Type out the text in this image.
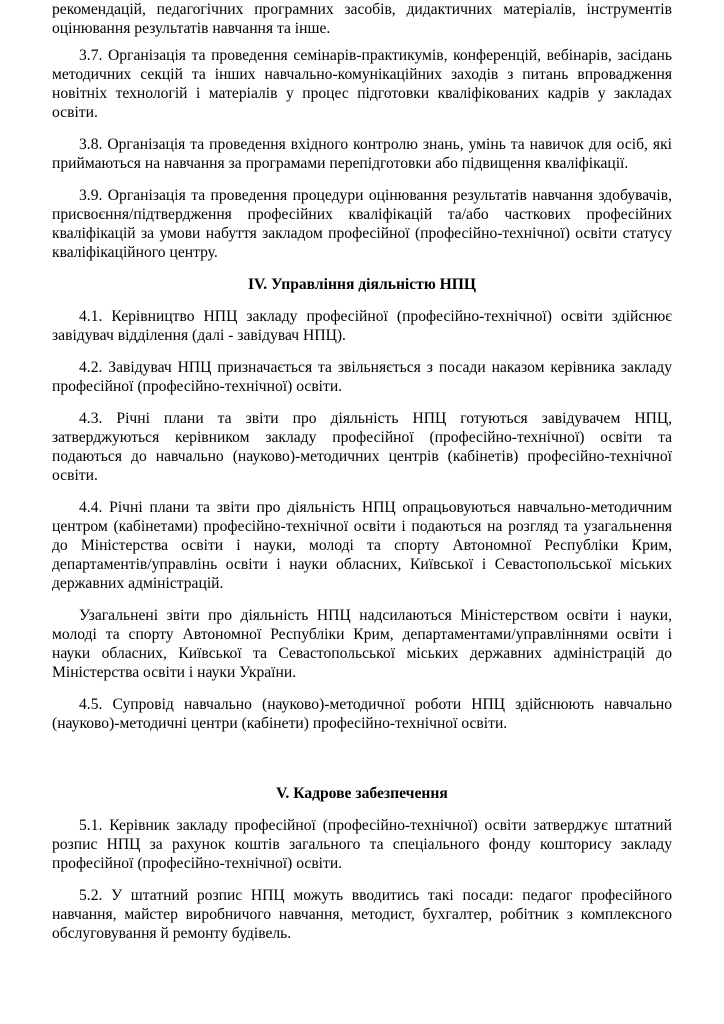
рекомендацій, педагогічних програмних засобів, дидактичних матеріалів, інструментів оцінювання результатів навчання та інше.

3.7. Організація та проведення семінарів-практикумів, конференцій, вебінарів, засідань методичних секцій та інших навчально-комунікаційних заходів з питань впровадження новітніх технологій і матеріалів у процес підготовки кваліфікованих кадрів у закладах освіти.

3.8. Організація та проведення вхідного контролю знань, умінь та навичок для осіб, які приймаються на навчання за програмами перепідготовки або підвищення кваліфікації.

3.9. Організація та проведення процедури оцінювання результатів навчання здобувачів, присвоєння/підтвердження професійних кваліфікацій та/або часткових професійних кваліфікацій за умови набуття закладом професійної (професійно-технічної) освіти статусу кваліфікаційного центру.

IV. Управління діяльністю НПЦ

4.1. Керівництво НПЦ закладу професійної (професійно-технічної) освіти здійснює завідувач відділення (далі - завідувач НПЦ).

4.2. Завідувач НПЦ призначається та звільняється з посади наказом керівника закладу професійної (професійно-технічної) освіти.

4.3. Річні плани та звіти про діяльність НПЦ готуються завідувачем НПЦ, затверджуються керівником закладу професійної (професійно-технічної) освіти та подаються до навчально (науково)-методичних центрів (кабінетів) професійно-технічної освіти.

4.4. Річні плани та звіти про діяльність НПЦ опрацьовуються навчально-методичним центром (кабінетами) професійно-технічної освіти і подаються на розгляд та узагальнення до Міністерства освіти і науки, молоді та спорту Автономної Республіки Крим, департаментів/управлінь освіти і науки обласних, Київської і Севастопольської міських державних адміністрацій.

Узагальнені звіти про діяльність НПЦ надсилаються Міністерством освіти і науки, молоді та спорту Автономної Республіки Крим, департаментами/управліннями освіти і науки обласних, Київської та Севастопольської міських державних адміністрацій до Міністерства освіти і науки України.

4.5. Супровід навчально (науково)-методичної роботи НПЦ здійснюють навчально (науково)-методичні центри (кабінети) професійно-технічної освіти.

V. Кадрове забезпечення

5.1. Керівник закладу професійної (професійно-технічної) освіти затверджує штатний розпис НПЦ за рахунок коштів загального та спеціального фонду кошторису закладу професійної (професійно-технічної) освіти.

5.2. У штатний розпис НПЦ можуть вводитись такі посади: педагог професійного навчання, майстер виробничого навчання, методист, бухгалтер, робітник з комплексного обслуговування й ремонту будівель.
